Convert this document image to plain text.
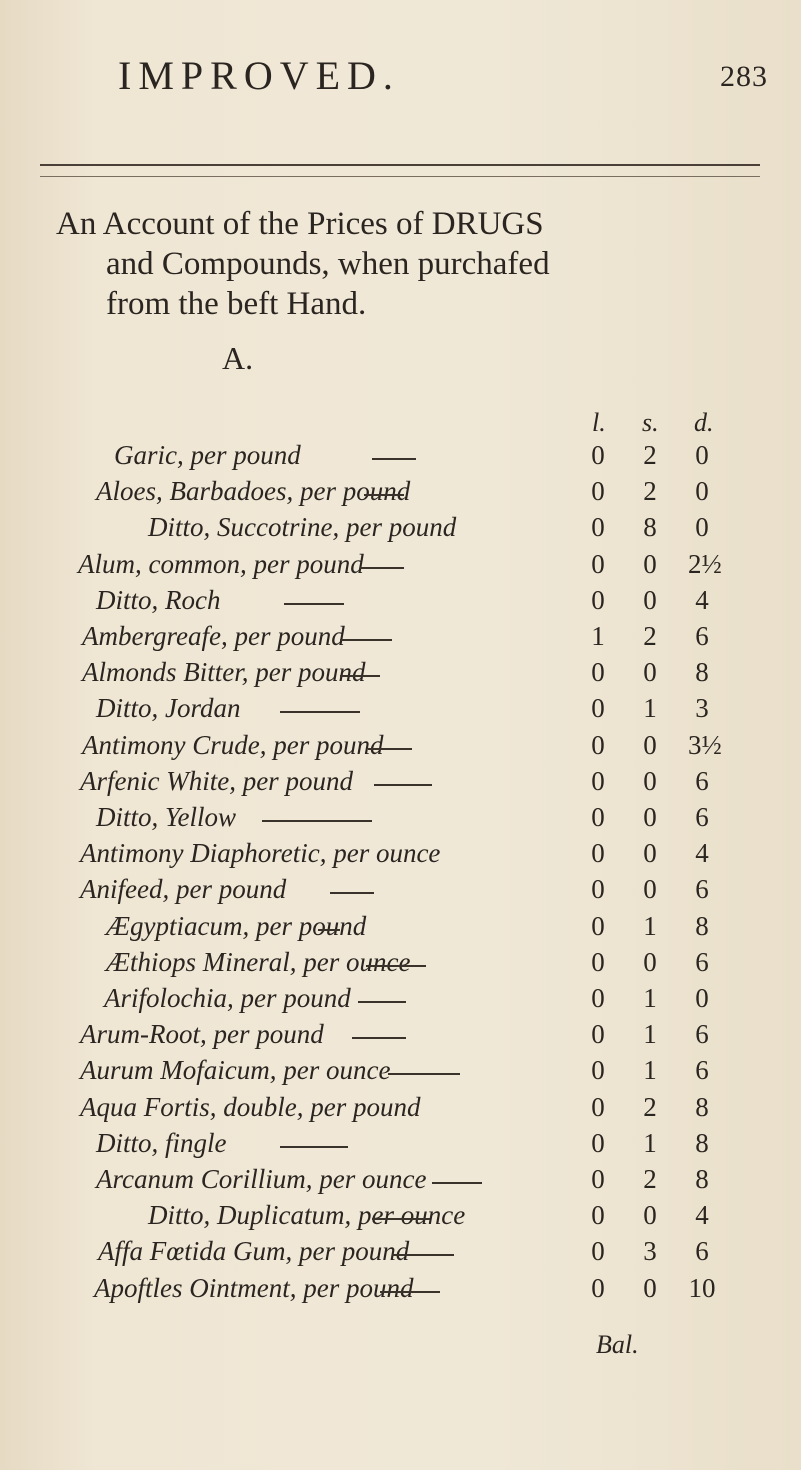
IMPROVED.	283
An Account of the Prices of DRUGS
and Compounds, when purchafed
from the beft Hand.
A.
l. s. d.
Garic, per pound	0 2 0
Aloes, Barbadoes, per pound	0 2 0
Ditto, Succotrine, per pound	0 8 0
Alum, common, per pound	0 0 2½
Ditto, Roch	0 0 4
Ambergreafe, per pound	1 2 6
Almonds Bitter, per pound	0 0 8
Ditto, Jordan	0 1 3
Antimony Crude, per pound	0 0 3½
Arfenic White, per pound	0 0 6
Ditto, Yellow	0 0 6
Antimony Diaphoretic, per ounce	0 0 4
Anifeed, per pound	0 0 6
Ægyptiacum, per pound	0 1 8
Æthiops Mineral, per ounce	0 0 6
Arifolochia, per pound	0 1 0
Arum-Root, per pound	0 1 6
Aurum Mofaicum, per ounce	0 1 6
Aqua Fortis, double, per pound	0 2 8
Ditto, fingle	0 1 8
Arcanum Corillium, per ounce	0 2 8
Ditto, Duplicatum, per ounce	0 0 4
Affa Fœtida Gum, per pound	0 3 6
Apoftles Ointment, per pound	0 0 10
Bal.
